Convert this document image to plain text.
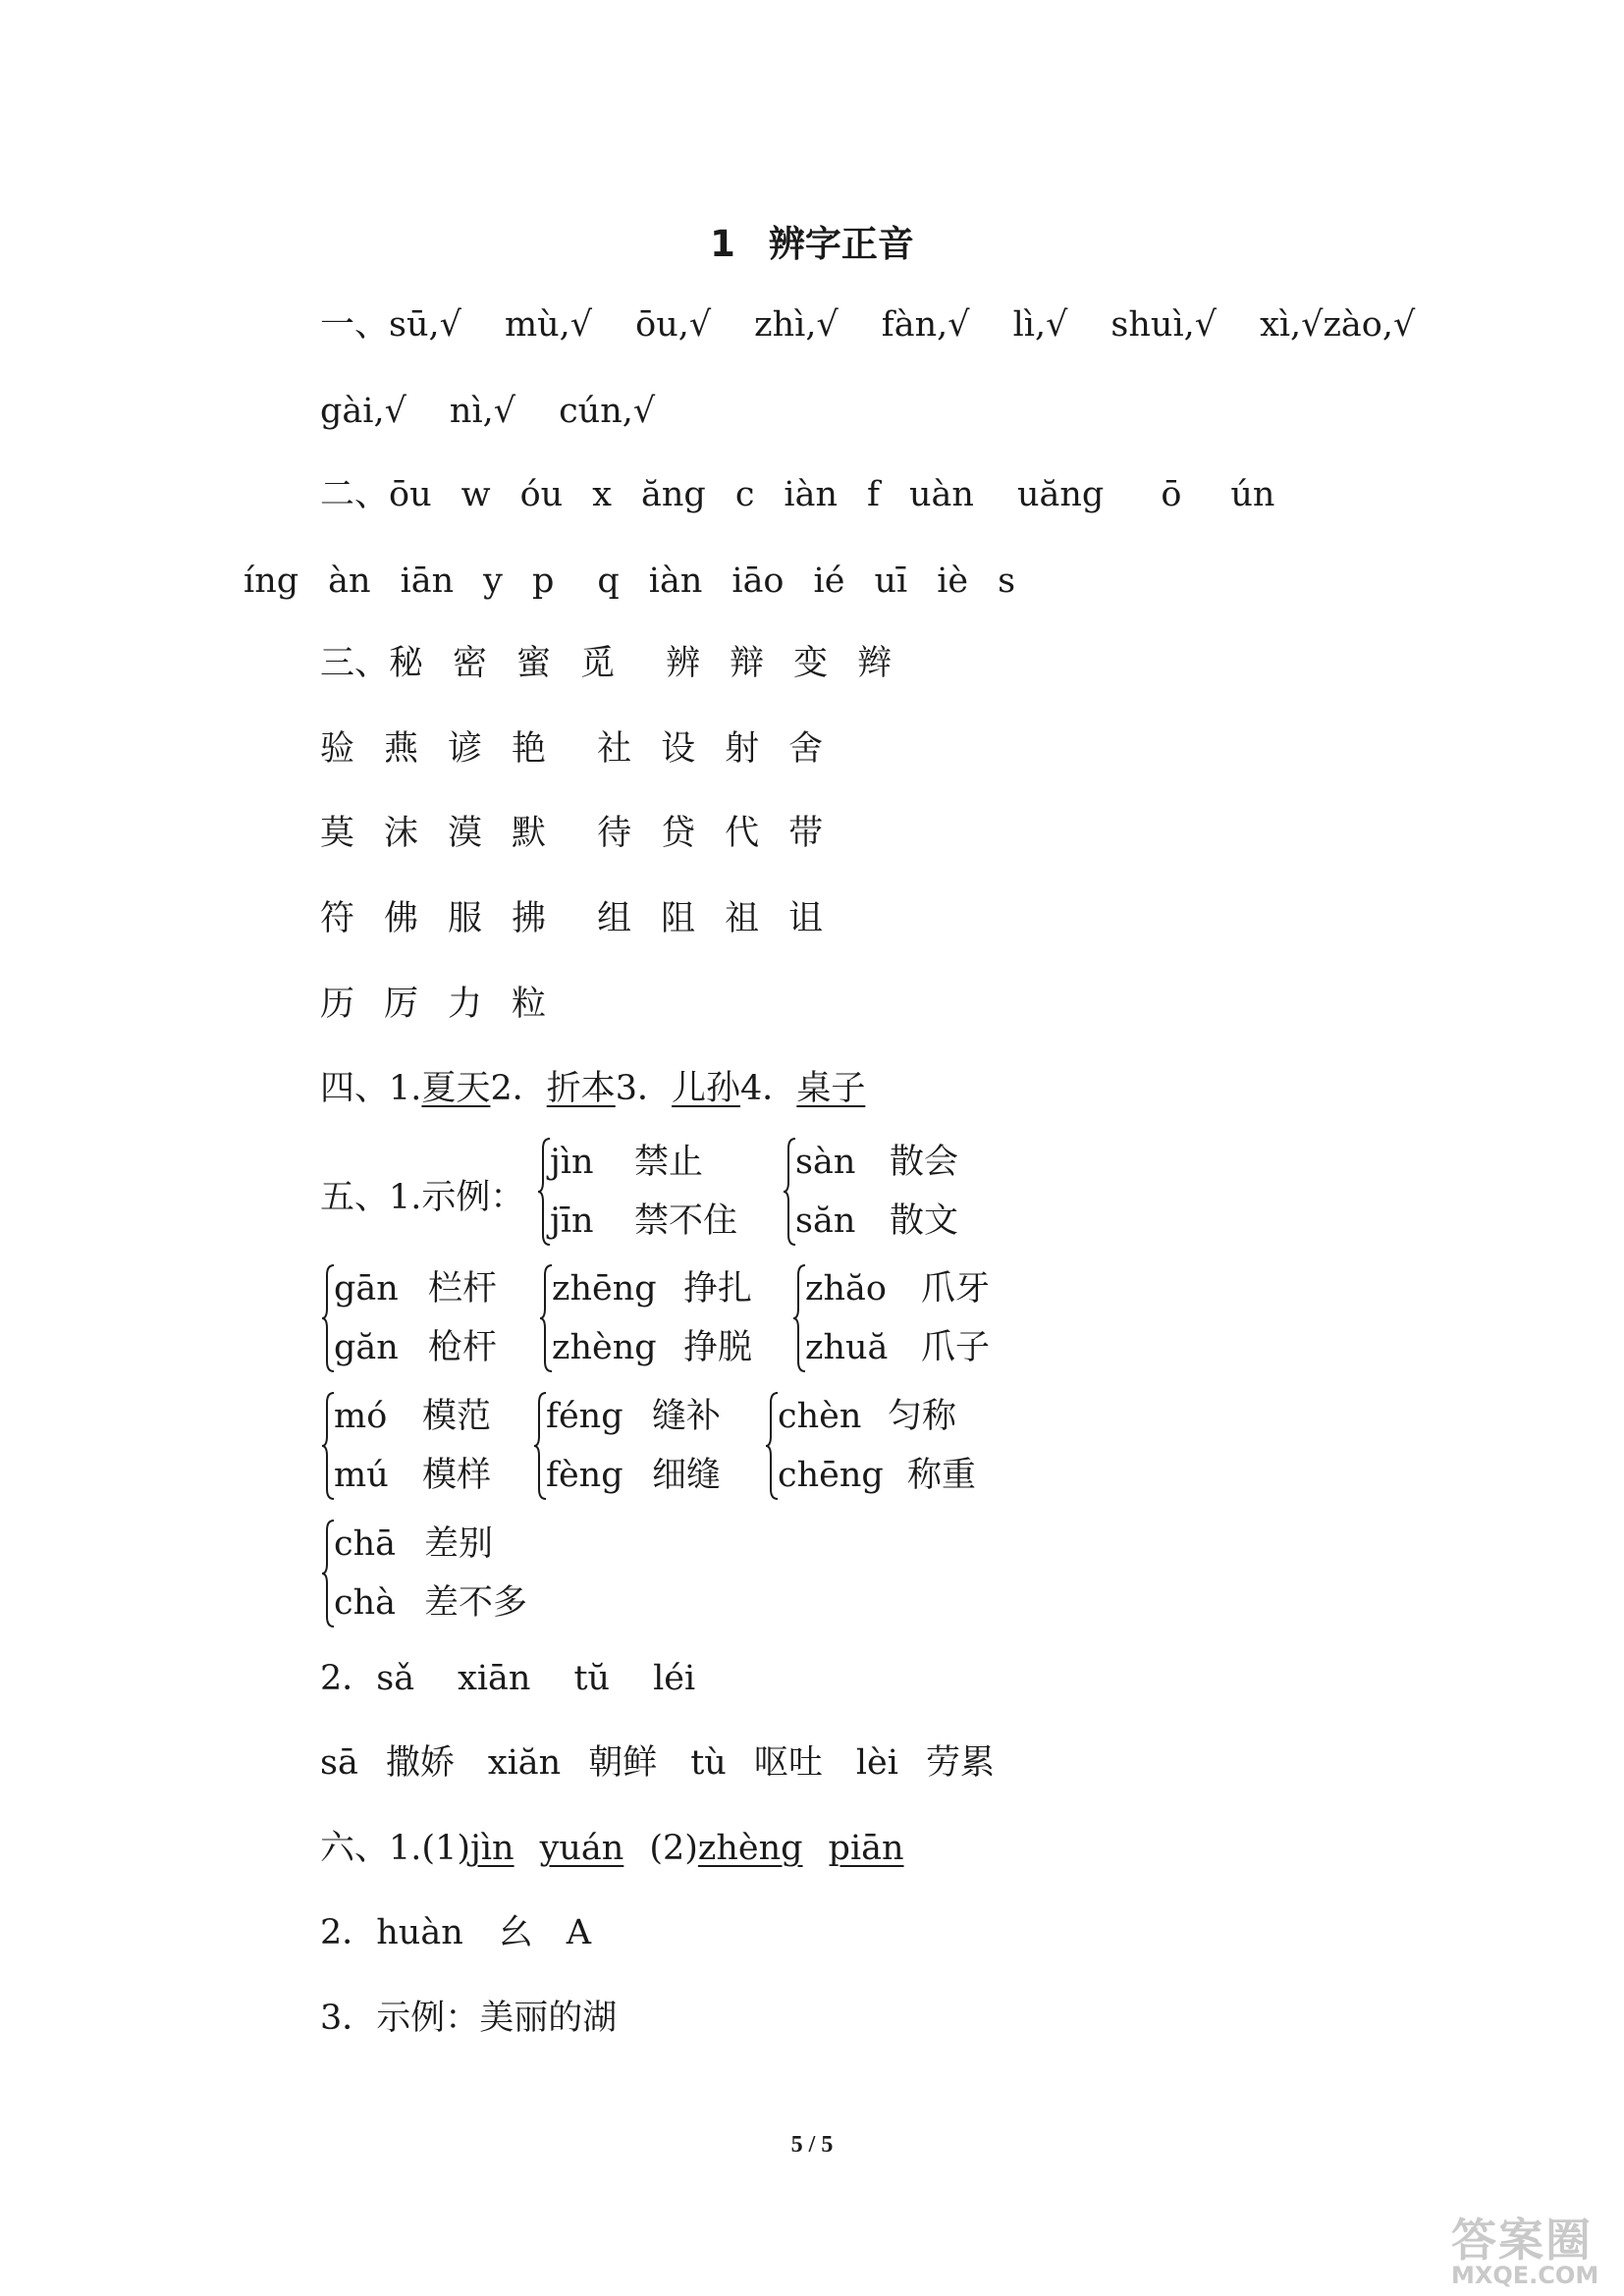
1 辨字正音
一、sū,√ mù,√ ōu,√ zhì,√ fàn,√ lì,√ shuì,√ xì,√zào,√
gài,√ nì,√ cún,√
二、ōu w óu x ăng c iàn f uàn uăng ō ún
íng àn iān y p q iàn iāo ié uī iè s
三、秘 密 蜜 觅 辨 辩 变 辫
验 燕 谚 艳 社 设 射 舍
莫 沫 漠 默 待 贷 代 带
符 佛 服 拂 组 阻 祖 诅
历 厉 力 粒
四、1.夏天2．折本3．儿孙4．桌子
五、1.示例：
jìn 禁止
jīn 禁不住
sàn 散会
săn 散文
gān 栏杆
găn 枪杆
zhēng 挣扎
zhèng 挣脱
zhăo 爪牙
zhuă 爪子
mó 模范
mú 模样
féng 缝补
fèng 细缝
chèn 匀称
chēng 称重
chā 差别
chà 差不多
2．sǎ xiān tŭ léi
sā 撒娇 xiăn 朝鲜 tù 呕吐 lèi 劳累
六、1.(1)jìn yuán (2)zhèng piān
2．huàn 幺 A
3．示例：美丽的湖
5 / 5
答案圈
MXQE.COM
